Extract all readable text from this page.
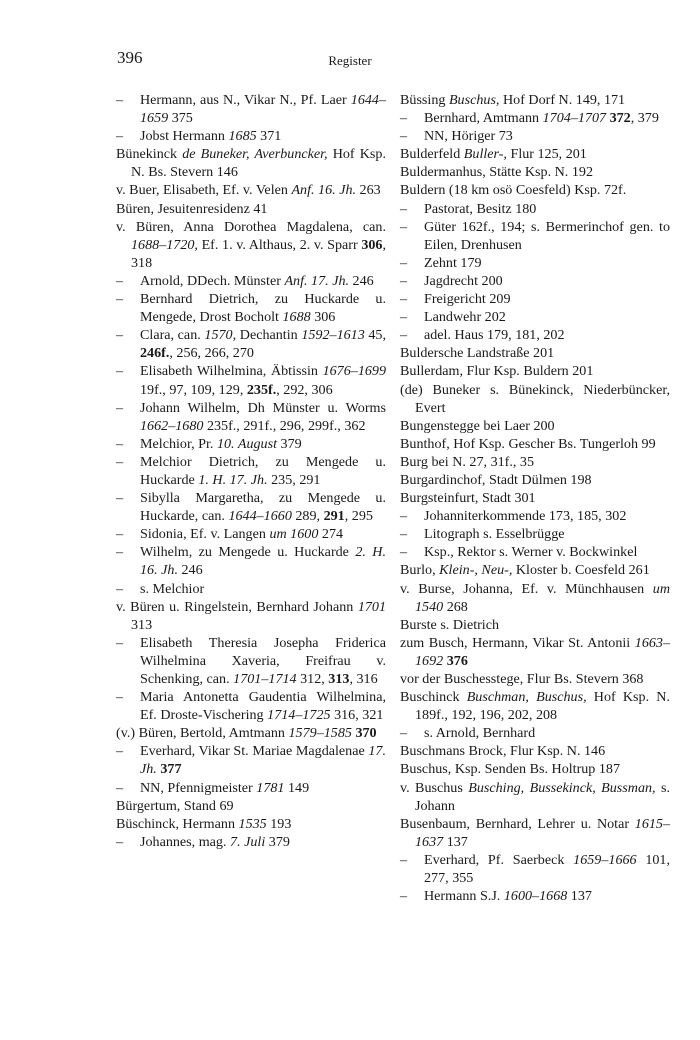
396	Register
– Hermann, aus N., Vikar N., Pf. Laer 1644–1659 375
– Jobst Hermann 1685 371
Bünekinck de Buneker, Averbuncker, Hof Ksp. N. Bs. Stevern 146
v. Buer, Elisabeth, Ef. v. Velen Anf. 16. Jh. 263
Büren, Jesuitenresidenz 41
v. Büren, Anna Dorothea Magdalena, can. 1688–1720, Ef. 1. v. Althaus, 2. v. Sparr 306, 318
– Arnold, DDech. Münster Anf. 17. Jh. 246
– Bernhard Dietrich, zu Huckarde u. Mengede, Drost Bocholt 1688 306
– Clara, can. 1570, Dechantin 1592–1613 45, 246f., 256, 266, 270
– Elisabeth Wilhelmina, Äbtissin 1676–1699 19f., 97, 109, 129, 235f., 292, 306
– Johann Wilhelm, Dh Münster u. Worms 1662–1680 235f., 291f., 296, 299f., 362
– Melchior, Pr. 10. August 379
– Melchior Dietrich, zu Mengede u. Huckarde 1. H. 17. Jh. 235, 291
– Sibylla Margaretha, zu Mengede u. Huckarde, can. 1644–1660 289, 291, 295
– Sidonia, Ef. v. Langen um 1600 274
– Wilhelm, zu Mengede u. Huckarde 2. H. 16. Jh. 246
– s. Melchior
v. Büren u. Ringelstein, Bernhard Johann 1701 313
– Elisabeth Theresia Josepha Friderica Wilhelmina Xaveria, Freifrau v. Schenking, can. 1701–1714 312, 313, 316
– Maria Antonetta Gaudentia Wilhelmina, Ef. Droste-Vischering 1714–1725 316, 321
(v.) Büren, Bertold, Amtmann 1579–1585 370
– Everhard, Vikar St. Mariae Magdalenae 17. Jh. 377
– NN, Pfennigmeister 1781 149
Bürgertum, Stand 69
Büschinck, Hermann 1535 193
– Johannes, mag. 7. Juli 379
Büssing Buschus, Hof Dorf N. 149, 171
– Bernhard, Amtmann 1704–1707 372, 379
– NN, Höriger 73
Bulderfeld Buller-, Flur 125, 201
Buldermanhus, Stätte Ksp. N. 192
Buldern (18 km osö Coesfeld) Ksp. 72f.
– Pastorat, Besitz 180
– Güter 162f., 194; s. Bermerinchof gen. to Eilen, Drenhusen
– Zehnt 179
– Jagdrecht 200
– Freigericht 209
– Landwehr 202
– adel. Haus 179, 181, 202
Buldersche Landstraße 201
Bullerdam, Flur Ksp. Buldern 201
(de) Buneker s. Bünekinck, Niederbüncker, Evert
Bungenstegge bei Laer 200
Bunthof, Hof Ksp. Gescher Bs. Tungerloh 99
Burg bei N. 27, 31f., 35
Burgardinchof, Stadt Dülmen 198
Burgsteinfurt, Stadt 301
– Johanniterkommende 173, 185, 302
– Litograph s. Esselbrügge
– Ksp., Rektor s. Werner v. Bockwinkel
Burlo, Klein-, Neu-, Kloster b. Coesfeld 261
v. Burse, Johanna, Ef. v. Münchhausen um 1540 268
Burste s. Dietrich
zum Busch, Hermann, Vikar St. Antonii 1663–1692 376
vor der Buschesstege, Flur Bs. Stevern 368
Buschinck Buschman, Buschus, Hof Ksp. N. 189f., 192, 196, 202, 208
– s. Arnold, Bernhard
Buschmans Brock, Flur Ksp. N. 146
Buschus, Ksp. Senden Bs. Holtrup 187
v. Buschus Busching, Bussekinck, Bussman, s. Johann
Busenbaum, Bernhard, Lehrer u. Notar 1615–1637 137
– Everhard, Pf. Saerbeck 1659–1666 101, 277, 355
– Hermann S.J. 1600–1668 137
